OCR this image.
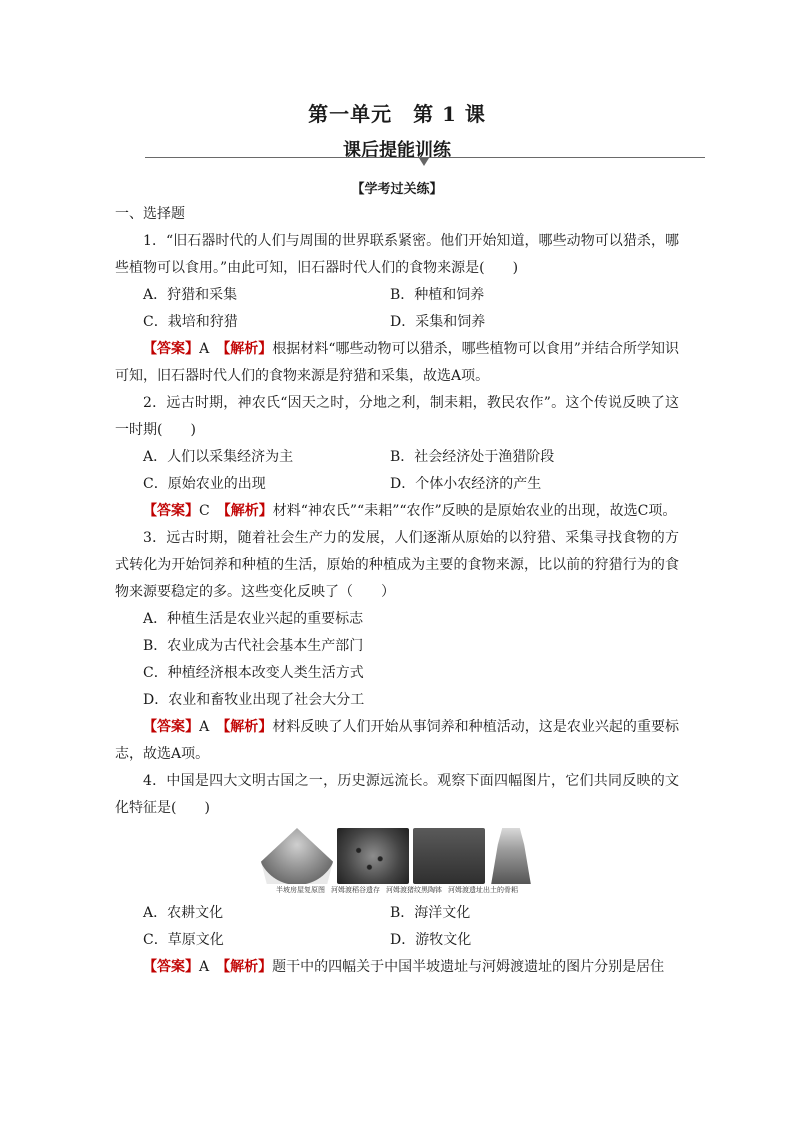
第一单元　第 1 课
课后提能训练
【学考过关练】

一、选择题

1．“旧石器时代的人们与周围的世界联系紧密。他们开始知道，哪些动物可以猎杀，哪些植物可以食用。”由此可知，旧石器时代人们的食物来源是(　　)

A．狩猎和采集	B．种植和饲养
C．栽培和狩猎	D．采集和饲养

【答案】A　 【解析】根据材料“哪些动物可以猎杀，哪些植物可以食用”并结合所学知识可知，旧石器时代人们的食物来源是狩猎和采集，故选A项。

2．远古时期，神农氏“因天之时，分地之利，制耒耜，教民农作”。这个传说反映了这一时期(　　)

A．人们以采集经济为主	B．社会经济处于渔猎阶段
C．原始农业的出现	D．个体小农经济的产生

【答案】C　 【解析】材料“神农氏”“耒耜”“农作”反映的是原始农业的出现，故选C项。

3．远古时期，随着社会生产力的发展，人们逐渐从原始的以狩猎、采集寻找食物的方式转化为开始饲养和种植的生活，原始的种植成为主要的食物来源，比以前的狩猎行为的食物来源要稳定的多。这些变化反映了（　　）

A．种植生活是农业兴起的重要标志

B．农业成为古代社会基本生产部门

C．种植经济根本改变人类生活方式

D．农业和畜牧业出现了社会大分工

【答案】A　 【解析】材料反映了人们开始从事饲养和种植活动，这是农业兴起的重要标志，故选A项。

4．中国是四大文明古国之一，历史源远流长。观察下面四幅图片，它们共同反映的文化特征是(　　)

半坡房屋复原图 河姆渡稻谷遗存 河姆渡猪纹黑陶钵 河姆渡遗址出土的骨耜
A．农耕文化	B．海洋文化
C．草原文化	D．游牧文化

【答案】A　 【解析】题干中的四幅关于中国半坡遗址与河姆渡遗址的图片分别是居住
